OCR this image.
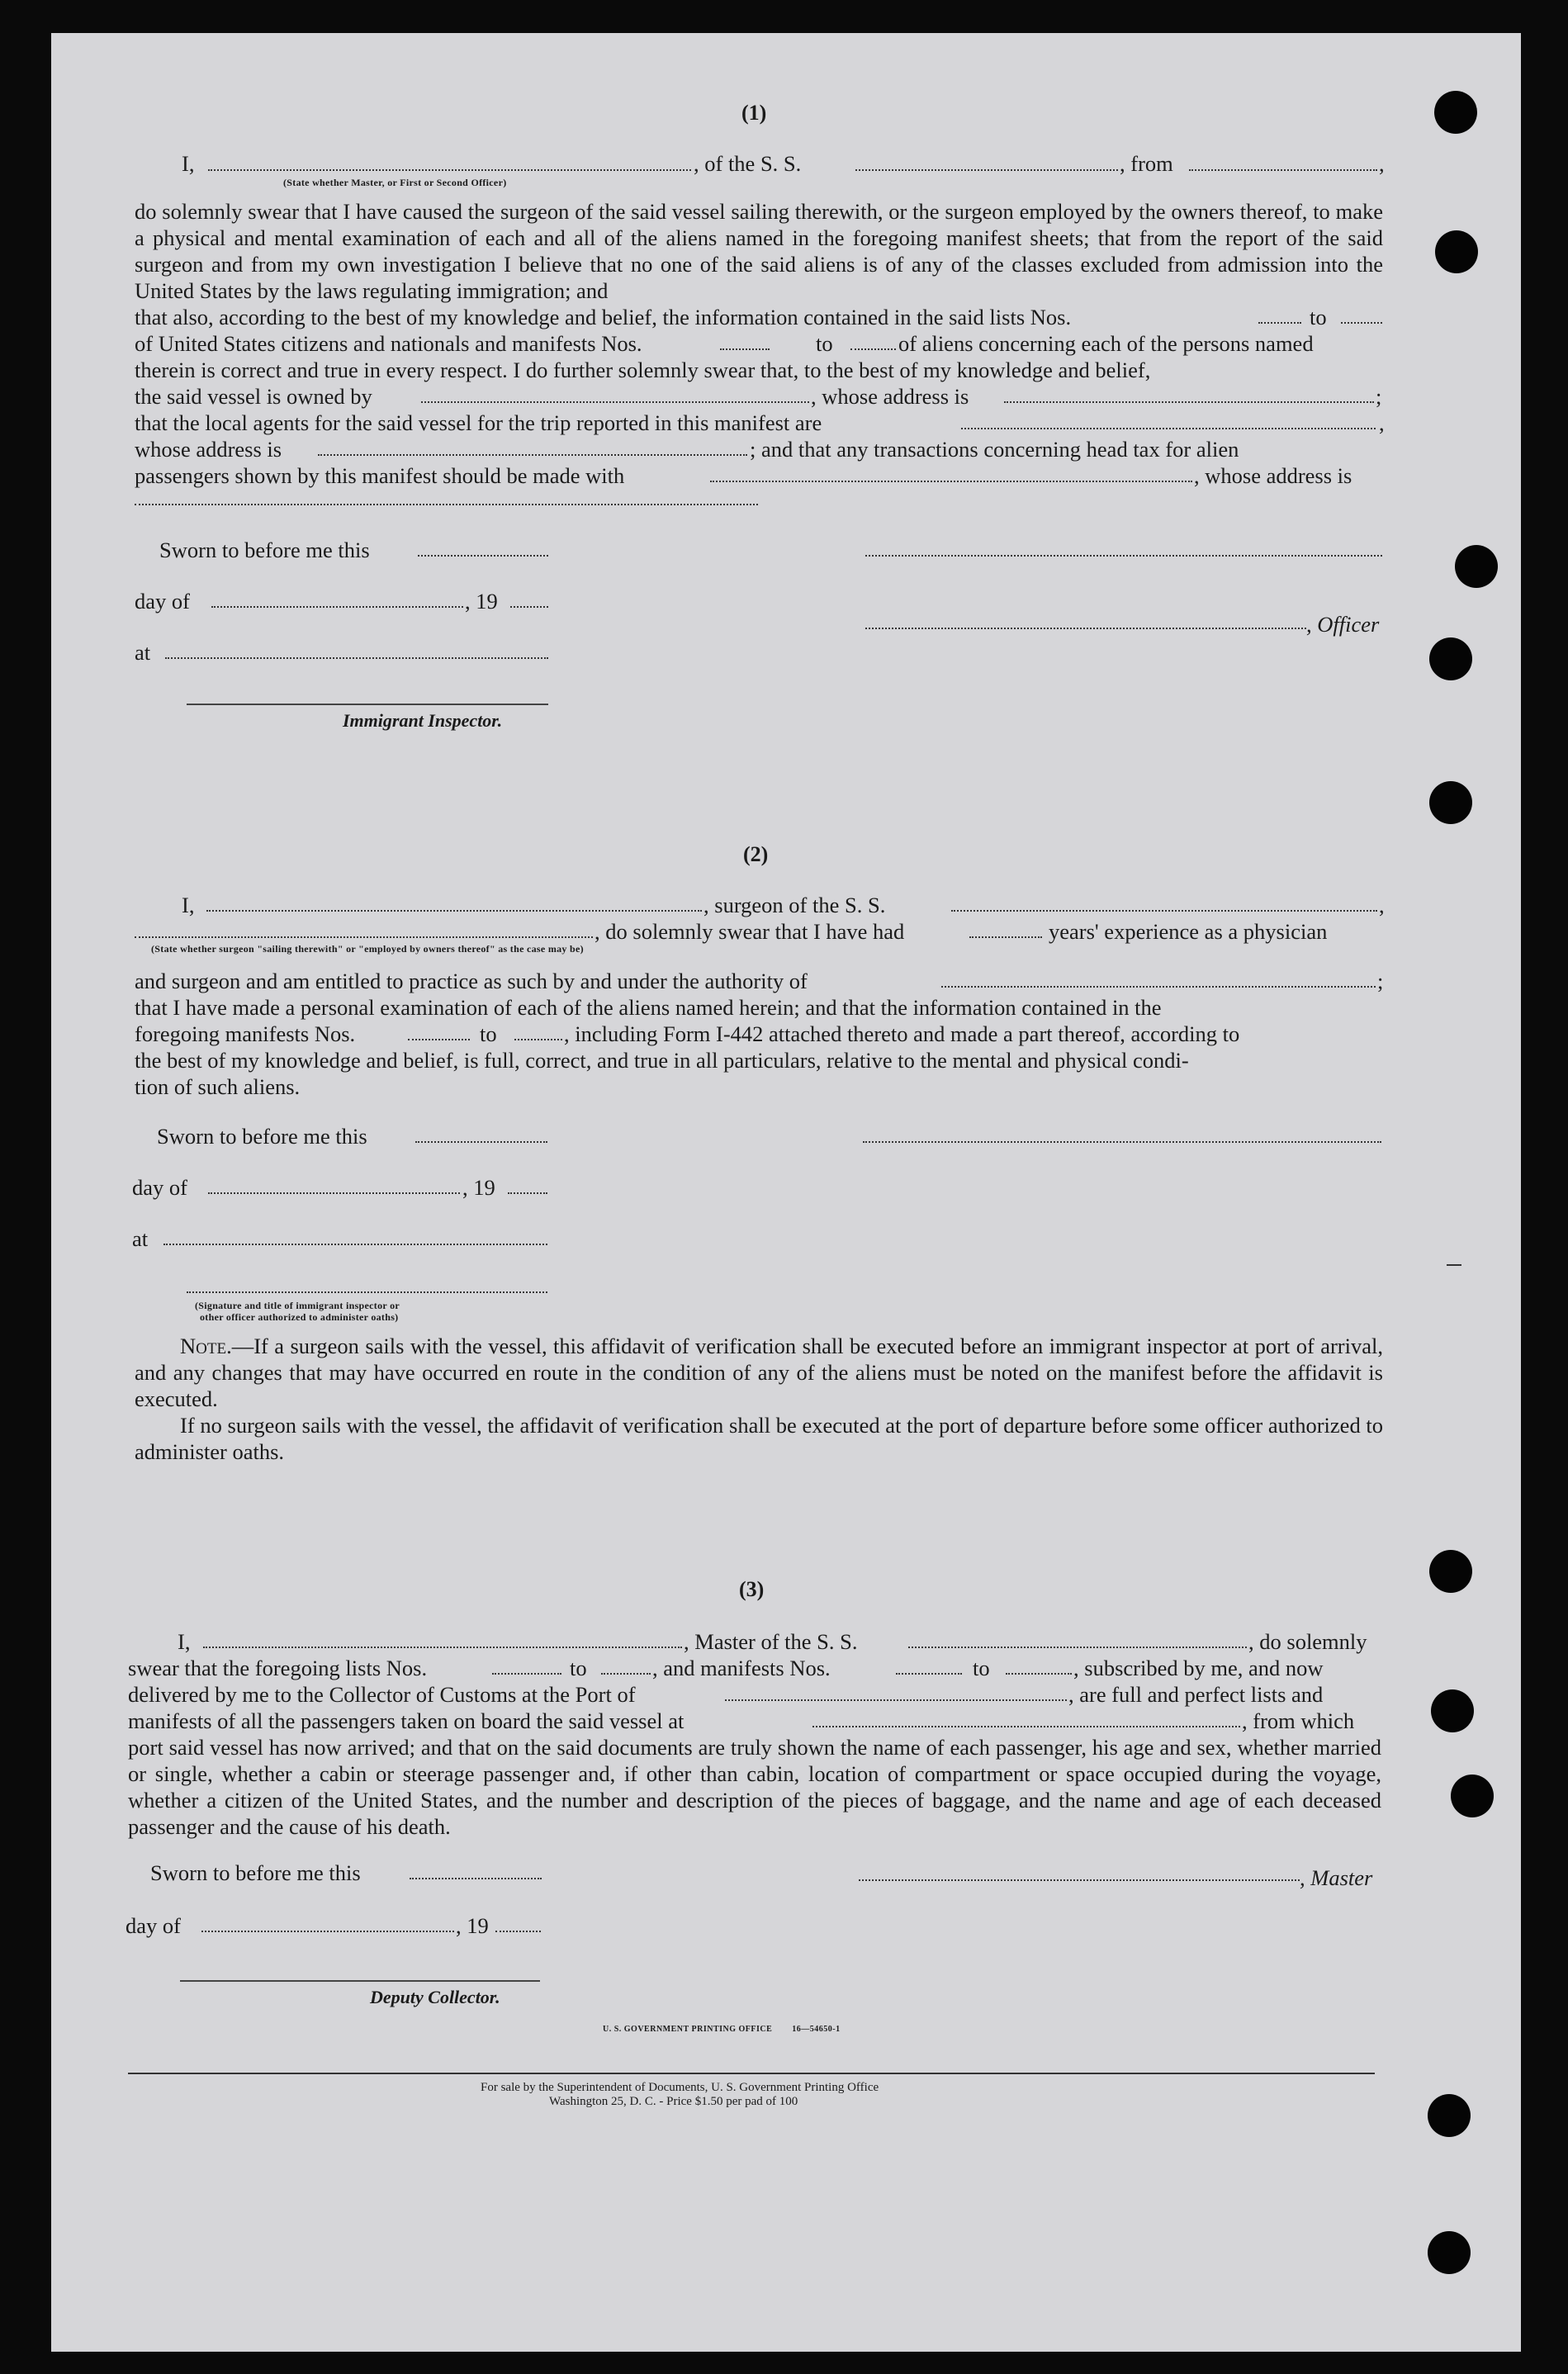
(1)
I,	, of the S. S.	, from	,
(State whether Master, or First or Second Officer)
do solemnly swear that I have caused the surgeon of the said vessel sailing therewith, or the surgeon employed by the owners thereof, to make a physical and mental examination of each and all of the aliens named in the foregoing manifest sheets; that from the report of the said surgeon and from my own investigation I believe that no one of the said aliens is of any of the classes excluded from admission into the United States by the laws regulating immigration; and
that also, according to the best of my knowledge and belief, the information contained in the said lists Nos.	to
of United States citizens and nationals and manifests Nos.	to	of aliens concerning each of the persons named
therein is correct and true in every respect. I do further solemnly swear that, to the best of my knowledge and belief,
the said vessel is owned by	, whose address is	;
that the local agents for the said vessel for the trip reported in this manifest are	,
whose address is	; and that any transactions concerning head tax for alien
passengers shown by this manifest should be made with	, whose address is
Sworn to before me this
day of	, 19
, Officer
at
Immigrant Inspector.
(2)
I,	, surgeon of the S. S.	,
, do solemnly swear that I have had	years' experience as a physician
(State whether surgeon "sailing therewith" or "employed by owners thereof" as the case may be)
and surgeon and am entitled to practice as such by and under the authority of	;
that I have made a personal examination of each of the aliens named herein; and that the information contained in the
foregoing manifests Nos.	to	, including Form I-442 attached thereto and made a part thereof, according to
the best of my knowledge and belief, is full, correct, and true in all particulars, relative to the mental and physical condi-
tion of such aliens.
Sworn to before me this
day of	, 19
at
(Signature and title of immigrant inspector or
other officer authorized to administer oaths)
Note.—If a surgeon sails with the vessel, this affidavit of verification shall be executed before an immigrant inspector at port of arrival, and any changes that may have occurred en route in the condition of any of the aliens must be noted on the manifest before the affidavit is executed.
If no surgeon sails with the vessel, the affidavit of verification shall be executed at the port of departure before some officer authorized to administer oaths.
(3)
I,	, Master of the S. S.	, do solemnly
swear that the foregoing lists Nos.	to	, and manifests Nos.	to	, subscribed by me, and now
delivered by me to the Collector of Customs at the Port of	, are full and perfect lists and
manifests of all the passengers taken on board the said vessel at	, from which
port said vessel has now arrived; and that on the said documents are truly shown the name of each passenger, his age and sex, whether married or single, whether a cabin or steerage passenger and, if other than cabin, location of compartment or space occupied during the voyage, whether a citizen of the United States, and the number and description of the pieces of baggage, and the name and age of each deceased passenger and the cause of his death.
Sworn to before me this	, Master
day of	, 19
Deputy Collector.
U. S. GOVERNMENT PRINTING OFFICE        16—54650-1
For sale by the Superintendent of Documents, U. S. Government Printing Office
Washington 25, D. C. - Price $1.50 per pad of 100
